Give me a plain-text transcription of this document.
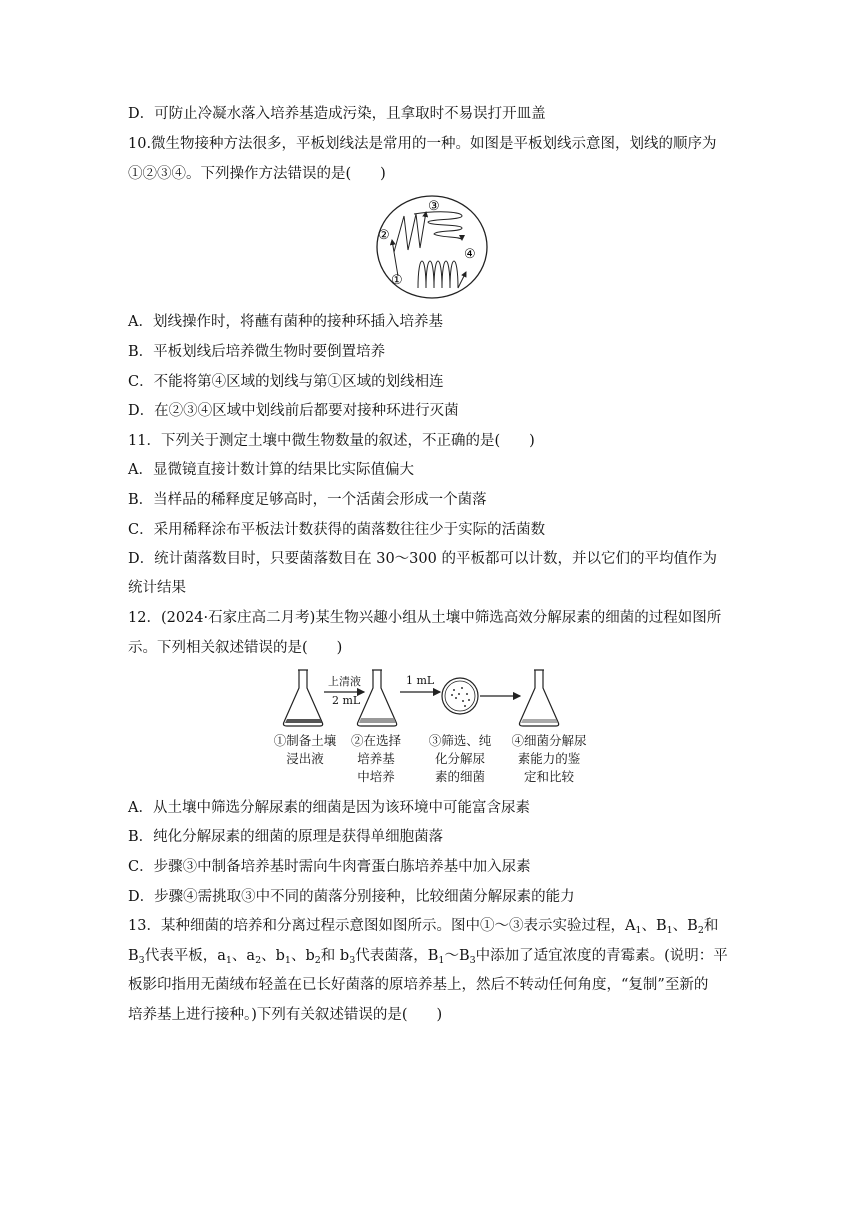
D．可防止冷凝水落入培养基造成污染，且拿取时不易误打开皿盖
10.微生物接种方法很多，平板划线法是常用的一种。如图是平板划线示意图，划线的顺序为
①②③④。下列操作方法错误的是(　　)
①
②
③
④
A．划线操作时，将蘸有菌种的接种环插入培养基
B．平板划线后培养微生物时要倒置培养
C．不能将第④区域的划线与第①区域的划线相连
D．在②③④区域中划线前后都要对接种环进行灭菌
11．下列关于测定土壤中微生物数量的叙述，不正确的是(　　)
A．显微镜直接计数计算的结果比实际值偏大
B．当样品的稀释度足够高时，一个活菌会形成一个菌落
C．采用稀释涂布平板法计数获得的菌落数往往少于实际的活菌数
D．统计菌落数目时，只要菌落数目在 30～300 的平板都可以计数，并以它们的平均值作为
统计结果
12．(2024·石家庄高二月考)某生物兴趣小组从土壤中筛选高效分解尿素的细菌的过程如图所
示。下列相关叙述错误的是(　　)
上清液
2 mL
1 mL
①制备土壤
浸出液
②在选择
培养基
中培养
③筛选、纯
化分解尿
素的细菌
④细菌分解尿
素能力的鉴
定和比较
A．从土壤中筛选分解尿素的细菌是因为该环境中可能富含尿素
B．纯化分解尿素的细菌的原理是获得单细胞菌落
C．步骤③中制备培养基时需向牛肉膏蛋白胨培养基中加入尿素
D．步骤④需挑取③中不同的菌落分别接种，比较细菌分解尿素的能力
13．某种细菌的培养和分离过程示意图如图所示。图中①～③表示实验过程，$A_1$、$B_1$、$B_2$和
$B_3$代表平板，$a_1$、$a_2$、$b_1$、$b_2$和 $b_3$代表菌落，$B_1\sim B_3$中添加了适宜浓度的青霉素。(说明：平
板影印指用无菌绒布轻盖在已长好菌落的原培养基上，然后不转动任何角度，“复制”至新的
培养基上进行接种。)下列有关叙述错误的是(　　)
